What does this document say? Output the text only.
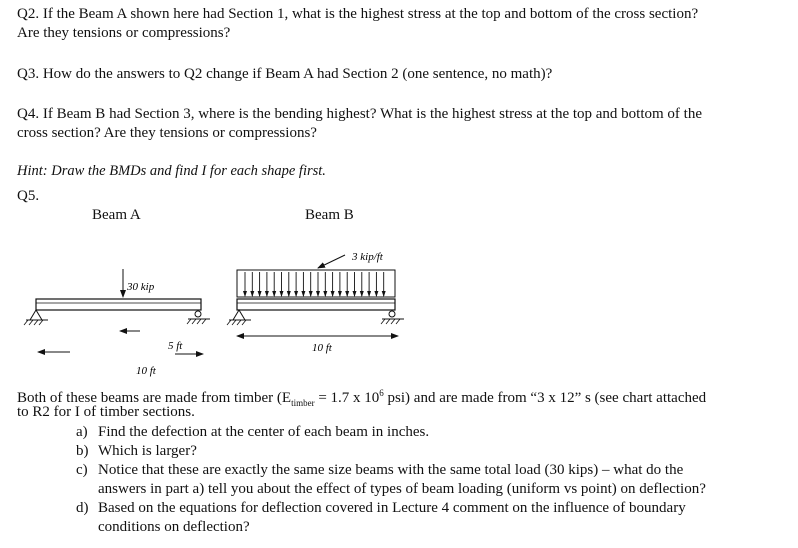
Q2. If the Beam A shown here had Section 1, what is the highest stress at the top and bottom of the cross section?
Are they tensions or compressions?
Q3. How do the answers to Q2 change if Beam A had Section 2 (one sentence, no math)?
Q4. If Beam B had Section 3, where is the bending highest? What is the highest stress at the top and bottom of the
cross section? Are they tensions or compressions?
Hint: Draw the BMDs and find I for each shape first.
Q5.
Beam A	Beam B
30 kip
5 ft
10 ft
3 kip/ft
10 ft
Both of these beams are made from timber ($E_{timber} = 1.7$ x $10^6$ psi) and are made from “3 x 12” s (see chart attached
to R2 for I of timber sections.
a) Find the defection at the center of each beam in inches.
b) Which is larger?
c) Notice that these are exactly the same size beams with the same total load (30 kips) – what do the
answers in part a) tell you about the effect of types of beam loading (uniform vs point) on deflection?
d) Based on the equations for deflection covered in Lecture 4 comment on the influence of boundary
conditions on deflection?
